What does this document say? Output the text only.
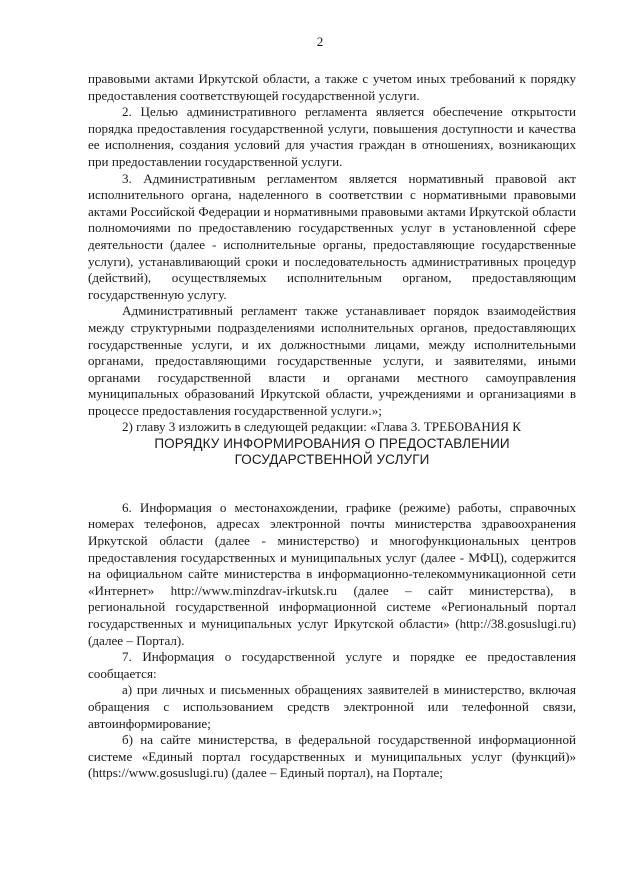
2

правовыми актами Иркутской области, а также с учетом иных требований к порядку предоставления соответствующей государственной услуги.

2. Целью административного регламента является обеспечение открытости порядка предоставления государственной услуги, повышения доступности и качества ее исполнения, создания условий для участия граждан в отношениях, возникающих при предоставлении государственной услуги.

3. Административным регламентом является нормативный правовой акт исполнительного органа, наделенного в соответствии с нормативными правовыми актами Российской Федерации и нормативными правовыми актами Иркутской области полномочиями по предоставлению государственных услуг в установленной сфере деятельности (далее - исполнительные органы, предоставляющие государственные услуги), устанавливающий сроки и последовательность административных процедур (действий), осуществляемых исполнительным органом, предоставляющим государственную услугу.

Административный регламент также устанавливает порядок взаимодействия между структурными подразделениями исполнительных органов, предоставляющих государственные услуги, и их должностными лицами, между исполнительными органами, предоставляющими государственные услуги, и заявителями, иными органами государственной власти и органами местного самоуправления муниципальных образований Иркутской области, учреждениями и организациями в процессе предоставления государственной услуги.»;

2) главу 3 изложить в следующей редакции: «Глава 3. ТРЕБОВАНИЯ К

ПОРЯДКУ ИНФОРМИРОВАНИЯ О ПРЕДОСТАВЛЕНИИ
ГОСУДАРСТВЕННОЙ УСЛУГИ

6. Информация о местонахождении, графике (режиме) работы, справочных номерах телефонов, адресах электронной почты министерства здравоохранения Иркутской области (далее - министерство) и многофункциональных центров предоставления государственных и муниципальных услуг (далее - МФЦ), содержится на официальном сайте министерства в информационно-телекоммуникационной сети «Интернет» http://www.minzdrav-irkutsk.ru (далее – сайт министерства), в региональной государственной информационной системе «Региональный портал государственных и муниципальных услуг Иркутской области» (http://38.gosuslugi.ru) (далее – Портал).

7. Информация о государственной услуге и порядке ее предоставления сообщается:

а) при личных и письменных обращениях заявителей в министерство, включая обращения с использованием средств электронной или телефонной связи, автоинформирование;

б) на сайте министерства, в федеральной государственной информационной системе «Единый портал государственных и муниципальных услуг (функций)» (https://www.gosuslugi.ru) (далее – Единый портал), на Портале;
